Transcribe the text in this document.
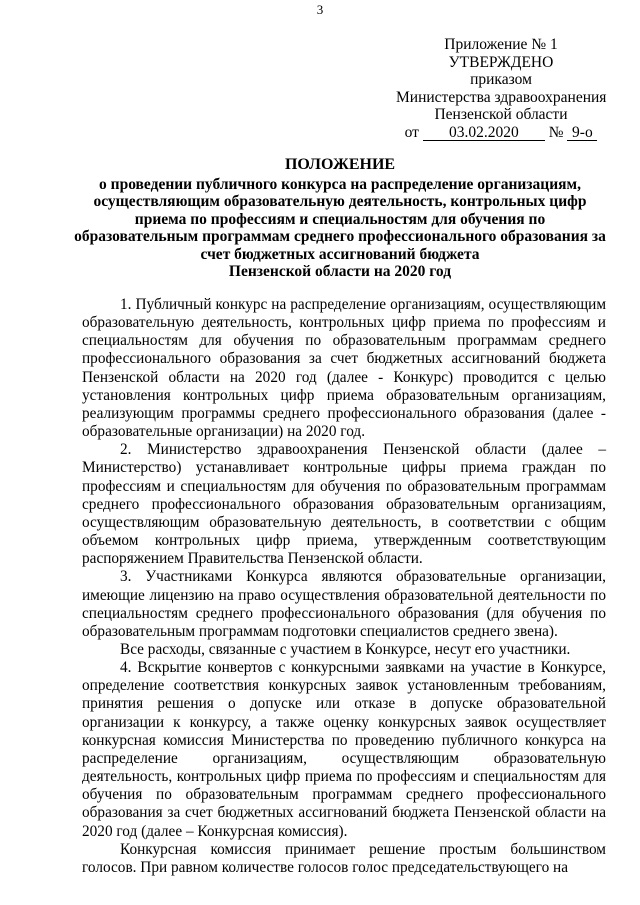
3
Приложение № 1
УТВЕРЖДЕНО
приказом
Министерства здравоохранения
Пензенской области
от 03.02.2020 № 9-о
ПОЛОЖЕНИЕ
о проведении публичного конкурса на распределение организациям,
осуществляющим образовательную деятельность, контрольных цифр
приема по профессиям и специальностям для обучения по
образовательным программам среднего профессионального образования за
счет бюджетных ассигнований бюджета
Пензенской области на 2020 год

1. Публичный конкурс на распределение организациям, осуществляющим образовательную деятельность, контрольных цифр приема по профессиям и специальностям для обучения по образовательным программам среднего профессионального образования за счет бюджетных ассигнований бюджета Пензенской области на 2020 год (далее - Конкурс) проводится с целью установления контрольных цифр приема образовательным организациям, реализующим программы среднего профессионального образования (далее - образовательные организации) на 2020 год.

2. Министерство здравоохранения Пензенской области (далее – Министерство) устанавливает контрольные цифры приема граждан по профессиям и специальностям для обучения по образовательным программам среднего профессионального образования образовательным организациям, осуществляющим образовательную деятельность, в соответствии с общим объемом контрольных цифр приема, утвержденным соответствующим распоряжением Правительства Пензенской области.

3. Участниками Конкурса являются образовательные организации, имеющие лицензию на право осуществления образовательной деятельности по специальностям среднего профессионального образования (для обучения по образовательным программам подготовки специалистов среднего звена).

Все расходы, связанные с участием в Конкурсе, несут его участники.

4. Вскрытие конвертов с конкурсными заявками на участие в Конкурсе, определение соответствия конкурсных заявок установленным требованиям, принятия решения о допуске или отказе в допуске образовательной организации к конкурсу, а также оценку конкурсных заявок осуществляет конкурсная комиссия Министерства по проведению публичного конкурса на распределение организациям, осуществляющим образовательную деятельность, контрольных цифр приема по профессиям и специальностям для обучения по образовательным программам среднего профессионального образования за счет бюджетных ассигнований бюджета Пензенской области на 2020 год (далее – Конкурсная комиссия).

Конкурсная комиссия принимает решение простым большинством голосов. При равном количестве голосов голос председательствующего на
